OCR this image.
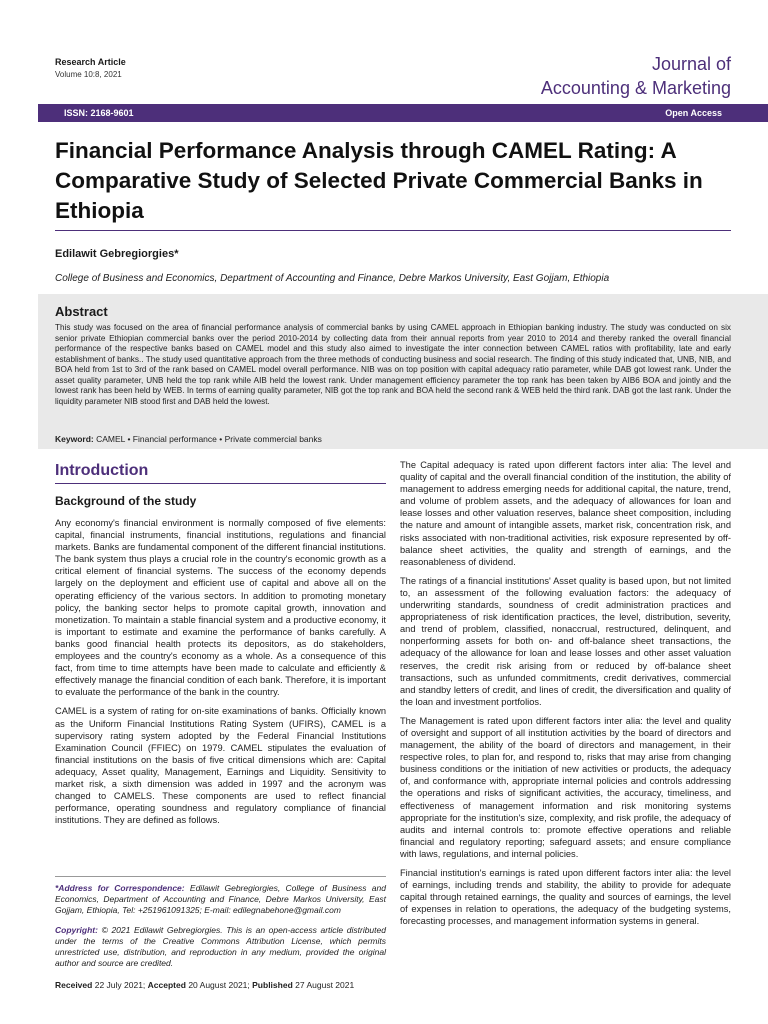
Research Article
Volume 10:8, 2021
Journal of
Accounting & Marketing
ISSN: 2168-9601	Open Access
Financial Performance Analysis through CAMEL Rating: A Comparative Study of Selected Private Commercial Banks in Ethiopia
Edilawit Gebregiorgies*
College of Business and Economics, Department of Accounting and Finance, Debre Markos University, East Gojjam, Ethiopia
Abstract
This study was focused on the area of financial performance analysis of commercial banks by using CAMEL approach in Ethiopian banking industry. The study was conducted on six senior private Ethiopian commercial banks over the period 2010-2014 by collecting data from their annual reports from year 2010 to 2014 and thereby ranked the overall financial performance of the respective banks based on CAMEL model and this study also aimed to investigate the inter connection between CAMEL ratios with profitability, late and early establishment of banks.. The study used quantitative approach from the three methods of conducting business and social research. The finding of this study indicated that, UNB, NIB, and BOA held from 1st to 3rd of the rank based on CAMEL model overall performance. NIB was on top position with capital adequacy ratio parameter, while DAB got lowest rank. Under the asset quality parameter, UNB held the top rank while AIB held the lowest rank. Under management efficiency parameter the top rank has been taken by AIB6 BOA and jointly and the lowest rank has been held by WEB. In terms of earning quality parameter, NIB got the top rank and BOA held the second rank & WEB held the third rank. DAB got the last rank. Under the liquidity parameter NIB stood first and DAB held the lowest.
Keyword: CAMEL • Financial performance • Private commercial banks
Introduction
Background of the study

Any economy's financial environment is normally composed of five elements: capital, financial instruments, financial institutions, regulations and financial markets. Banks are fundamental component of the different financial institutions. The bank system thus plays a crucial role in the country's economic growth as a critical element of financial systems. The success of the economy depends largely on the deployment and efficient use of capital and above all on the operating efficiency of the various sectors. In addition to promoting monetary policy, the banking sector helps to promote capital growth, innovation and monetization. To maintain a stable financial system and a productive economy, it is important to estimate and examine the performance of banks carefully. A banks good financial health protects its depositors, as do stakeholders, employees and the country's economy as a whole. As a consequence of this fact, from time to time attempts have been made to calculate and efficiently & effectively manage the financial condition of each bank. Therefore, it is important to evaluate the performance of the bank in the country.

CAMEL is a system of rating for on-site examinations of banks. Officially known as the Uniform Financial Institutions Rating System (UFIRS), CAMEL is a supervisory rating system adopted by the Federal Financial Institutions Examination Council (FFIEC) on 1979. CAMEL stipulates the evaluation of financial institutions on the basis of five critical dimensions which are: Capital adequacy, Asset quality, Management, Earnings and Liquidity. Sensitivity to market risk, a sixth dimension was added in 1997 and the acronym was changed to CAMELS. These components are used to reflect financial performance, operating soundness and regulatory compliance of financial institutions. They are defined as follows.

The Capital adequacy is rated upon different factors inter alia: The level and quality of capital and the overall financial condition of the institution, the ability of management to address emerging needs for additional capital, the nature, trend, and volume of problem assets, and the adequacy of allowances for loan and lease losses and other valuation reserves, balance sheet composition, including the nature and amount of intangible assets, market risk, concentration risk, and risks associated with non-traditional activities, risk exposure represented by off- balance sheet activities, the quality and strength of earnings, and the reasonableness of dividend.

The ratings of a financial institutions' Asset quality is based upon, but not limited to, an assessment of the following evaluation factors: the adequacy of underwriting standards, soundness of credit administration practices and appropriateness of risk identification practices, the level, distribution, severity, and trend of problem, classified, nonaccrual, restructured, delinquent, and nonperforming assets for both on- and off-balance sheet transactions, the adequacy of the allowance for loan and lease losses and other asset valuation reserves, the credit risk arising from or reduced by off-balance sheet transactions, such as unfunded commitments, credit derivatives, commercial and standby letters of credit, and lines of credit, the diversification and quality of the loan and investment portfolios.

The Management is rated upon different factors inter alia: the level and quality of oversight and support of all institution activities by the board of directors and management, the ability of the board of directors and management, in their respective roles, to plan for, and respond to, risks that may arise from changing business conditions or the initiation of new activities or products, the adequacy of, and conformance with, appropriate internal policies and controls addressing the operations and risks of significant activities, the accuracy, timeliness, and effectiveness of management information and risk monitoring systems appropriate for the institution's size, complexity, and risk profile, the adequacy of audits and internal controls to: promote effective operations and reliable financial and regulatory reporting; safeguard assets; and ensure compliance with laws, regulations, and internal policies.

Financial institution's earnings is rated upon different factors inter alia: the level of earnings, including trends and stability, the ability to provide for adequate capital through retained earnings, the quality and sources of earnings, the level of expenses in relation to operations, the adequacy of the budgeting systems, forecasting processes, and management information systems in general.

*Address for Correspondence: Edilawit Gebregiorgies, College of Business and Economics, Department of Accounting and Finance, Debre Markos University, East Gojjam, Ethiopia, Tel: +251961091325; E-mail: edilegnabehone@gmail.com
Copyright: © 2021 Edilawit Gebregiorgies. This is an open-access article distributed under the terms of the Creative Commons Attribution License, which permits unrestricted use, distribution, and reproduction in any medium, provided the original author and source are credited.
Received 22 July 2021; Accepted 20 August 2021; Published 27 August 2021
